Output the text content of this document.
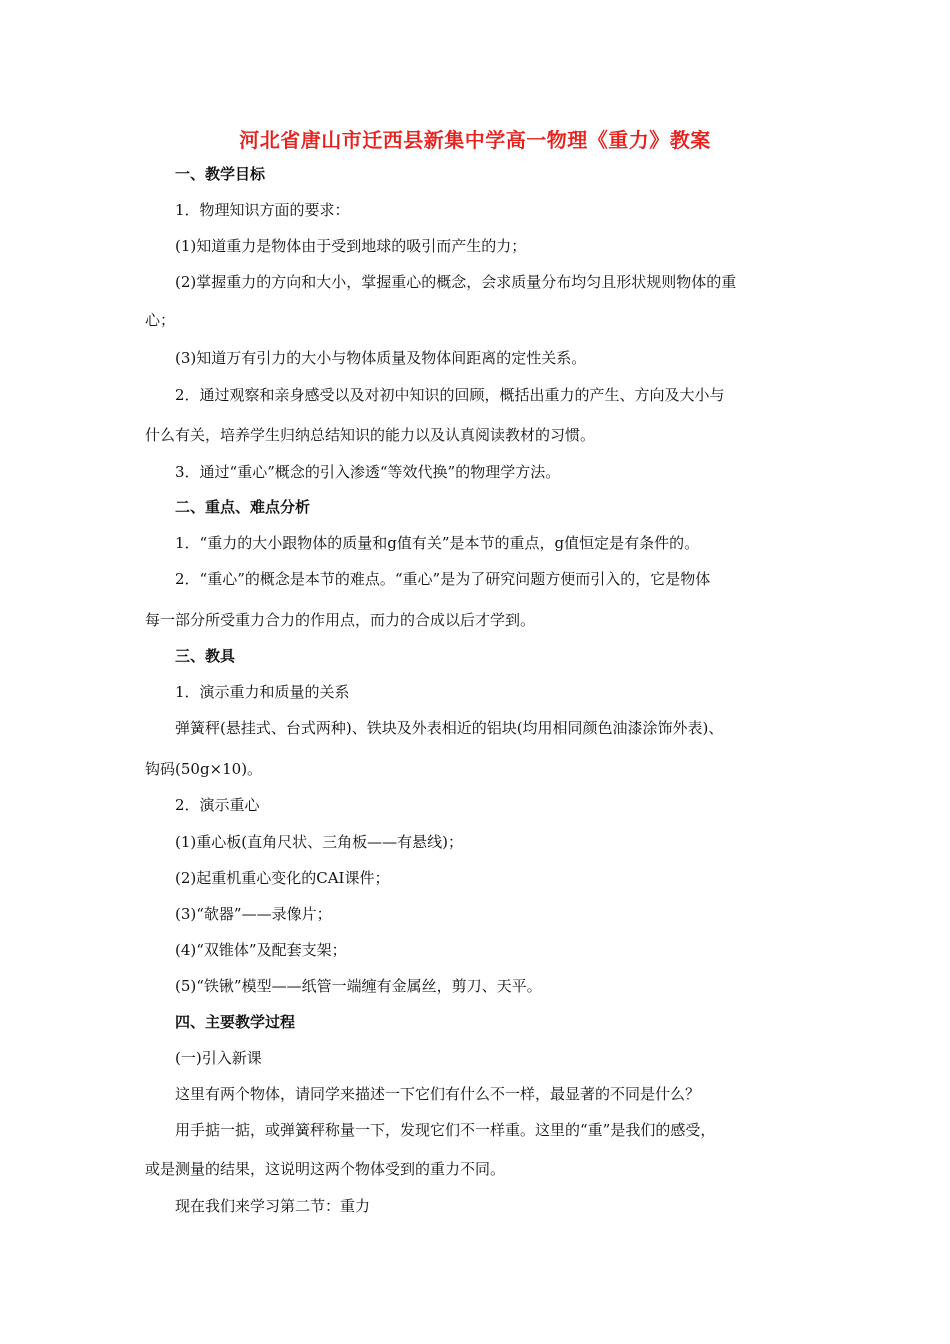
河北省唐山市迁西县新集中学高一物理《重力》教案

一、教学目标

1．物理知识方面的要求：

(1)知道重力是物体由于受到地球的吸引而产生的力；

(2)掌握重力的方向和大小，掌握重心的概念，会求质量分布均匀且形状规则物体的重

心；

(3)知道万有引力的大小与物体质量及物体间距离的定性关系。

2．通过观察和亲身感受以及对初中知识的回顾，概括出重力的产生、方向及大小与

什么有关，培养学生归纳总结知识的能力以及认真阅读教材的习惯。

3．通过“重心”概念的引入渗透“等效代换”的物理学方法。

二、重点、难点分析

1．“重力的大小跟物体的质量和g值有关”是本节的重点，g值恒定是有条件的。

2．“重心”的概念是本节的难点。“重心”是为了研究问题方便而引入的，它是物体

每一部分所受重力合力的作用点，而力的合成以后才学到。

三、教具

1．演示重力和质量的关系

弹簧秤(悬挂式、台式两种)、铁块及外表相近的铝块(均用相同颜色油漆涂饰外表)、

钩码(50g×10)。

2．演示重心

(1)重心板(直角尺状、三角板——有悬线)；

(2)起重机重心变化的CAI课件；

(3)“欹器”——录像片；

(4)“双锥体”及配套支架；

(5)“铁锹”模型——纸管一端缠有金属丝，剪刀、天平。

四、主要教学过程

(一)引入新课

这里有两个物体，请同学来描述一下它们有什么不一样，最显著的不同是什么？

用手掂一掂，或弹簧秤称量一下，发现它们不一样重。这里的“重”是我们的感受，

或是测量的结果，这说明这两个物体受到的重力不同。

现在我们来学习第二节：重力
